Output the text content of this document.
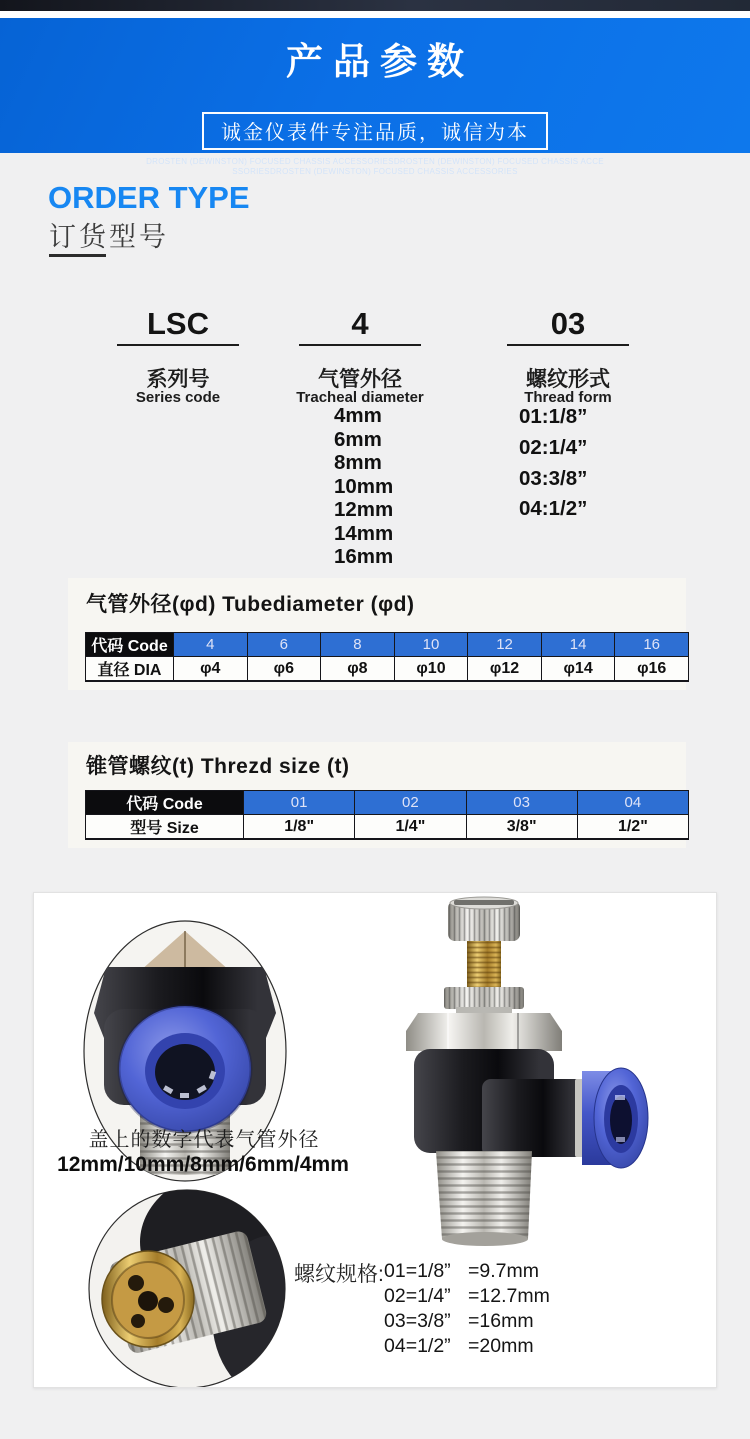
产品参数

诚金仪表件专注品质，诚信为本
DROSTEN (DEWINSTON) FOCUSED CHASSIS ACCESSORIESDROSTEN (DEWINSTON) FOCUSED CHASSIS ACCE
SSORIESDROSTEN (DEWINSTON) FOCUSED CHASSIS ACCESSORIES
ORDER TYPE
订货型号
LSC	4	03
系列号	气管外径	螺纹形式
Series code	Tracheal diameter	Thread form
4mm
6mm
8mm
10mm
12mm
14mm
16mm
01:1/8”
02:1/4”
03:3/8”
04:1/2”
气管外径(φd) Tubediameter (φd)
代码 Code	4	6	8	10	12	14	16
直径 DIA	φ4	φ6	φ8	φ10	φ12	φ14	φ16
锥管螺纹(t) Threzd size (t)
代码 Code	01	02	03	04
型号 Size	1/8"	1/4"	3/8"	1/2"
盖上的数字代表气管外径
12mm/10mm/8mm/6mm/4mm
螺纹规格: 01=1/8” =9.7mm
02=1/4” =12.7mm
03=3/8” =16mm
04=1/2” =20mm
